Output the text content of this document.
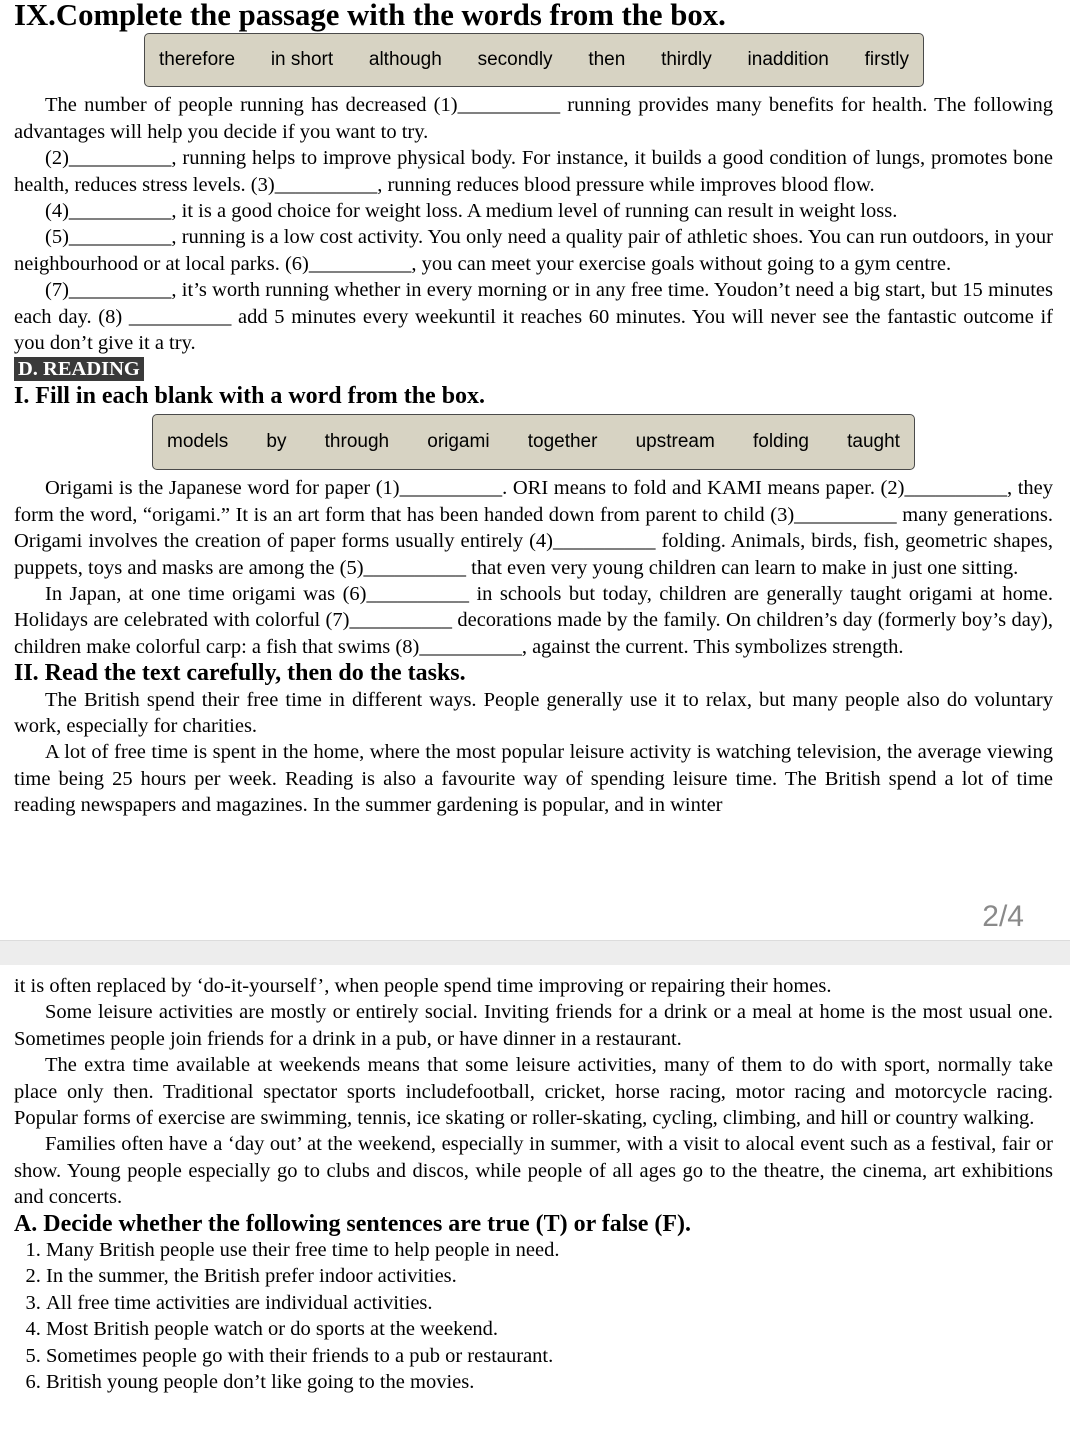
IX.Complete the passage with the words from the box.
therefore in short although secondly then thirdly inaddition firstly

The number of people running has decreased (1)__________ running provides many benefits for health. The following advantages will help you decide if you want to try.

(2)__________, running helps to improve physical body. For instance, it builds a good condition of lungs, promotes bone health, reduces stress levels. (3)__________, running reduces blood pressure while improves blood flow.

(4)__________, it is a good choice for weight loss. A medium level of running can result in weight loss.

(5)__________, running is a low cost activity. You only need a quality pair of athletic shoes. You can run outdoors, in your neighbourhood or at local parks. (6)__________, you can meet your exercise goals without going to a gym centre.

(7)__________, it’s worth running whether in every morning or in any free time. Youdon’t need a big start, but 15 minutes each day. (8) __________ add 5 minutes every weekuntil it reaches 60 minutes. You will never see the fantastic outcome if you don’t give it a try.

D. READING
I. Fill in each blank with a word from the box.
models by through origami together upstream folding taught

Origami is the Japanese word for paper (1)__________. ORI means to fold and KAMI means paper. (2)__________, they form the word, “origami.” It is an art form that has been handed down from parent to child (3)__________ many generations. Origami involves the creation of paper forms usually entirely (4)__________ folding. Animals, birds, fish, geometric shapes, puppets, toys and masks are among the (5)__________ that even very young children can learn to make in just one sitting.

In Japan, at one time origami was (6)__________ in schools but today, children are generally taught origami at home. Holidays are celebrated with colorful (7)__________ decorations made by the family. On children’s day (formerly boy’s day), children make colorful carp: a fish that swims (8)__________, against the current. This symbolizes strength.

II. Read the text carefully, then do the tasks.

The British spend their free time in different ways. People generally use it to relax, but many people also do voluntary work, especially for charities.

A lot of free time is spent in the home, where the most popular leisure activity is watching television, the average viewing time being 25 hours per week. Reading is also a favourite way of spending leisure time. The British spend a lot of time reading newspapers and magazines. In the summer gardening is popular, and in winter

2/4

it is often replaced by ‘do-it-yourself’, when people spend time improving or repairing their homes.

Some leisure activities are mostly or entirely social. Inviting friends for a drink or a meal at home is the most usual one. Sometimes people join friends for a drink in a pub, or have dinner in a restaurant.

The extra time available at weekends means that some leisure activities, many of them to do with sport, normally take place only then. Traditional spectator sports includefootball, cricket, horse racing, motor racing and motorcycle racing. Popular forms of exercise are swimming, tennis, ice skating or roller-skating, cycling, climbing, and hill or country walking.

Families often have a ‘day out’ at the weekend, especially in summer, with a visit to alocal event such as a festival, fair or show. Young people especially go to clubs and discos, while people of all ages go to the theatre, the cinema, art exhibitions and concerts.

A. Decide whether the following sentences are true (T) or false (F).
1. Many British people use their free time to help people in need.
2. In the summer, the British prefer indoor activities.
3. All free time activities are individual activities.
4. Most British people watch or do sports at the weekend.
5. Sometimes people go with their friends to a pub or restaurant.
6. British young people don’t like going to the movies.
